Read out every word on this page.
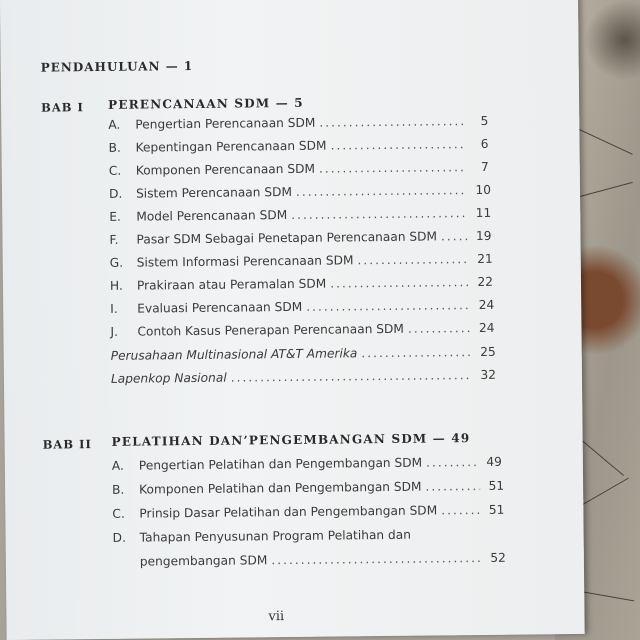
PENDAHULUAN — 1
BAB I PERENCANAAN SDM — 5
A.	Pengertian Perencanaan SDM .....	5
B.	Kepentingan Perencanaan SDM .....	6
C.	Komponen Perencanaan SDM .....	7
D.	Sistem Perencanaan SDM .....	10
E.	Model Perencanaan SDM .....	11
F.	Pasar SDM Sebagai Penetapan Perencanaan SDM .....	19
G.	Sistem Informasi Perencanaan SDM .....	21
H.	Prakiraan atau Peramalan SDM .....	22
I.	Evaluasi Perencanaan SDM .....	24
J.	Contoh Kasus Penerapan Perencanaan SDM .....	24
Perusahaan Multinasional AT&T Amerika .....	25
Lapenkop Nasional .....	32
BAB II PELATIHAN DAN’PENGEMBANGAN SDM — 49
A.	Pengertian Pelatihan dan Pengembangan SDM .....	49
B.	Komponen Pelatihan dan Pengembangan SDM .....	51
C.	Prinsip Dasar Pelatihan dan Pengembangan SDM .....	51
D.	Tahapan Penyusunan Program Pelatihan dan
pengembangan SDM .....	52
vii
